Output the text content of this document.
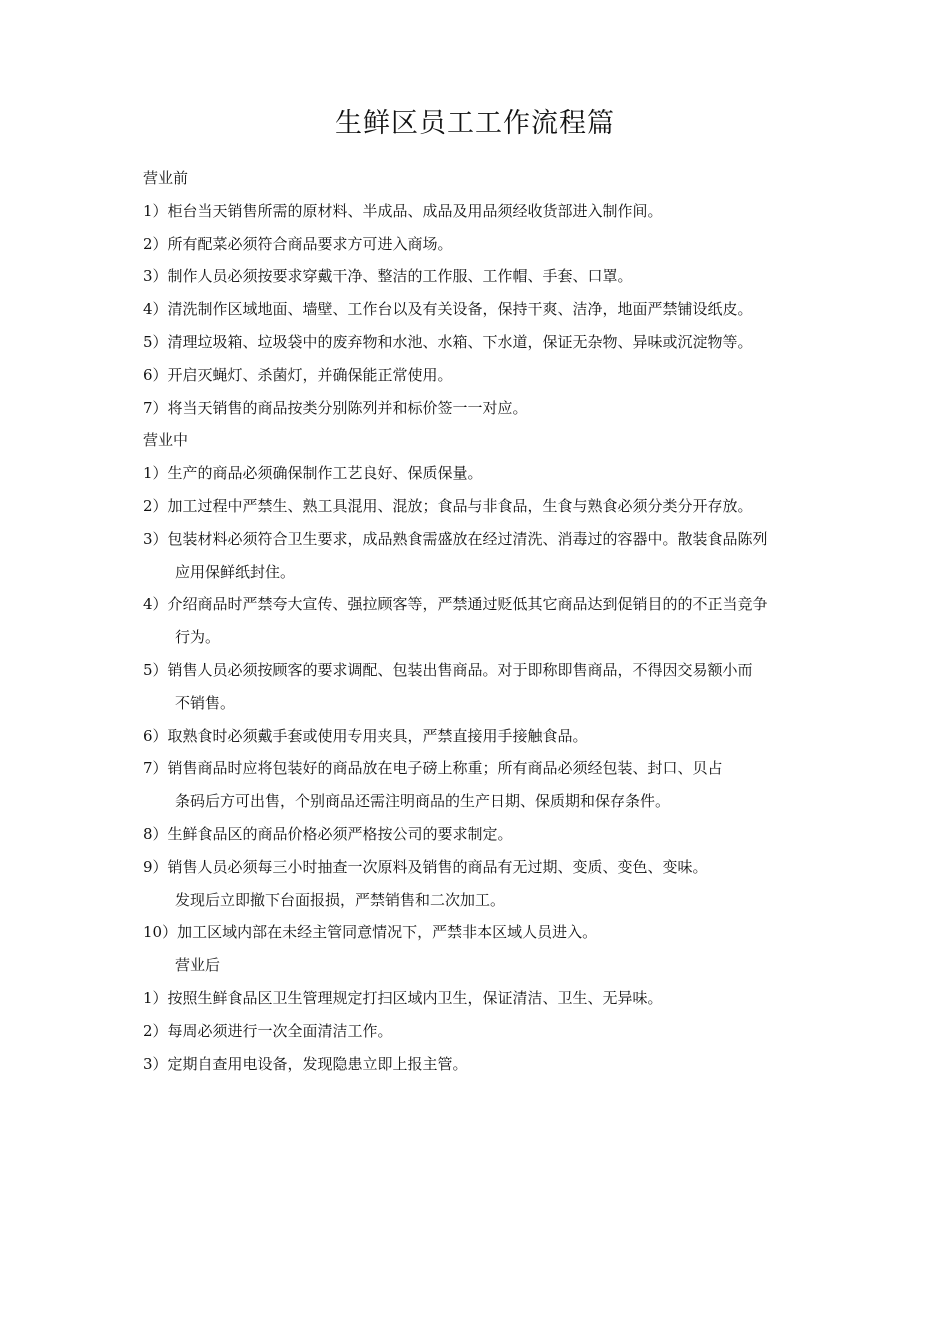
生鲜区员工工作流程篇
营业前
1）柜台当天销售所需的原材料、半成品、成品及用品须经收货部进入制作间。
2）所有配菜必须符合商品要求方可进入商场。
3）制作人员必须按要求穿戴干净、整洁的工作服、工作帽、手套、口罩。
4）清洗制作区域地面、墙壁、工作台以及有关设备，保持干爽、洁净，地面严禁铺设纸皮。
5）清理垃圾箱、垃圾袋中的废弃物和水池、水箱、下水道，保证无杂物、异味或沉淀物等。
6）开启灭蝇灯、杀菌灯，并确保能正常使用。
7）将当天销售的商品按类分别陈列并和标价签一一对应。
营业中
1）生产的商品必须确保制作工艺良好、保质保量。
2）加工过程中严禁生、熟工具混用、混放；食品与非食品，生食与熟食必须分类分开存放。
3）包装材料必须符合卫生要求，成品熟食需盛放在经过清洗、消毒过的容器中。散装食品陈列
应用保鲜纸封住。
4）介绍商品时严禁夸大宣传、强拉顾客等，严禁通过贬低其它商品达到促销目的的不正当竞争
行为。
5）销售人员必须按顾客的要求调配、包装出售商品。对于即称即售商品，不得因交易额小而
不销售。
6）取熟食时必须戴手套或使用专用夹具，严禁直接用手接触食品。
7）销售商品时应将包装好的商品放在电子磅上称重；所有商品必须经包装、封口、贝占
条码后方可出售，个别商品还需注明商品的生产日期、保质期和保存条件。
8）生鲜食品区的商品价格必须严格按公司的要求制定。
9）销售人员必须每三小时抽查一次原料及销售的商品有无过期、变质、变色、变味。
发现后立即撤下台面报损，严禁销售和二次加工。
10）加工区域内部在未经主管同意情况下，严禁非本区域人员进入。
营业后
1）按照生鲜食品区卫生管理规定打扫区域内卫生，保证清洁、卫生、无异味。
2）每周必须进行一次全面清洁工作。
3）定期自查用电设备，发现隐患立即上报主管。
